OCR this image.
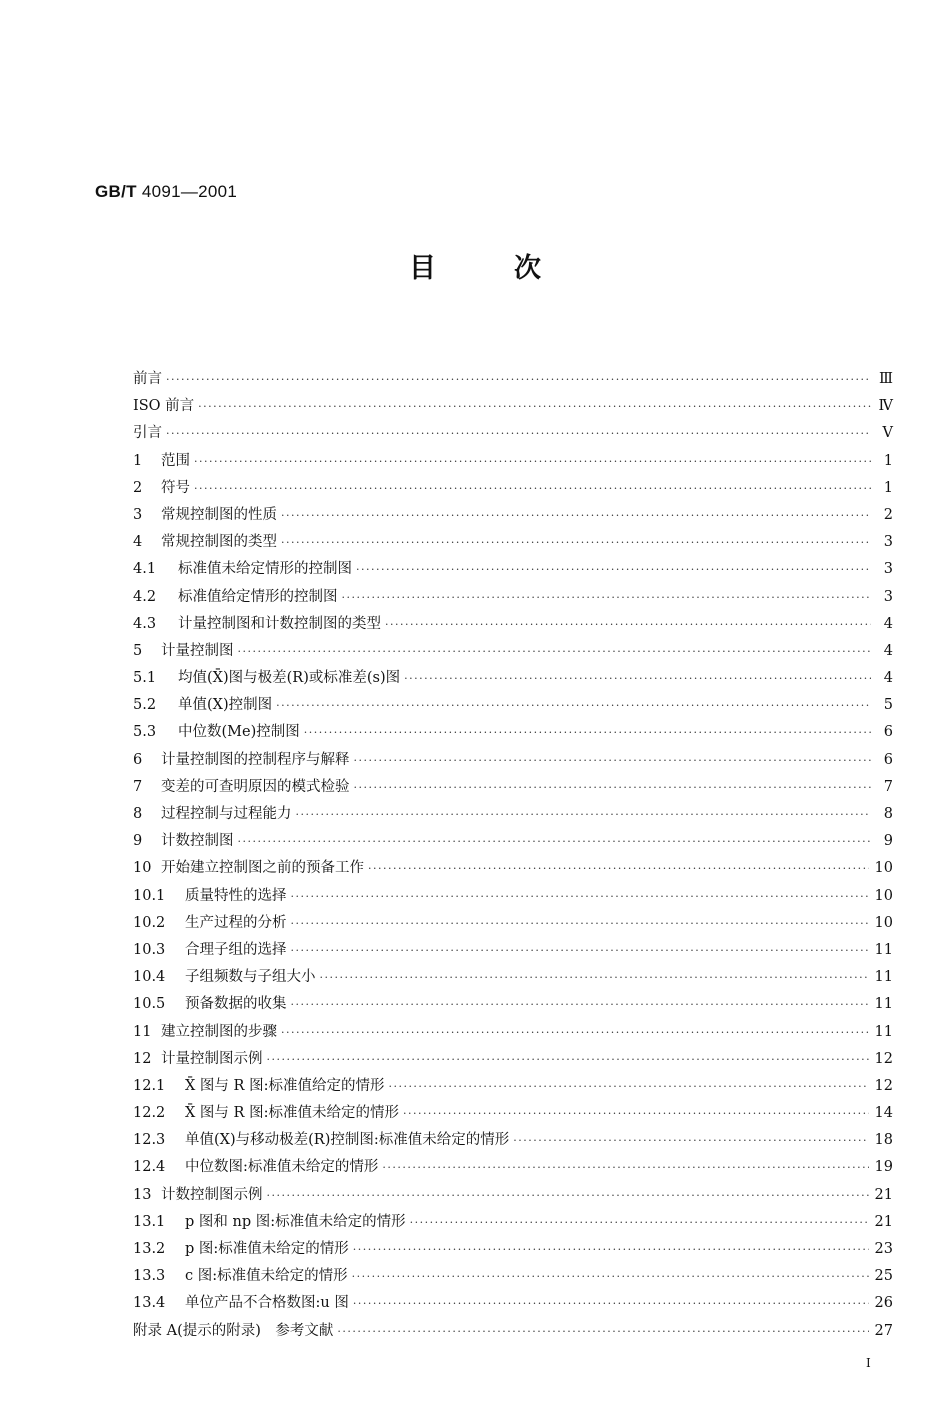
GB/T 4091—2001
目次
前言 ·····	Ⅲ
ISO 前言 ·····	Ⅳ
引言 ·····	Ⅴ
1	范围 ·····	1
2	符号 ·····	1
3	常规控制图的性质 ·····	2
4	常规控制图的类型 ·····	3
4.1	标准值未给定情形的控制图 ·····	3
4.2	标准值给定情形的控制图 ·····	3
4.3	计量控制图和计数控制图的类型 ·····	4
5	计量控制图 ·····	4
5.1	均值(X̄)图与极差(R)或标准差(s)图 ·····	4
5.2	单值(X)控制图 ·····	5
5.3	中位数(Me)控制图 ·····	6
6	计量控制图的控制程序与解释 ·····	6
7	变差的可查明原因的模式检验 ·····	7
8	过程控制与过程能力 ·····	8
9	计数控制图 ·····	9
10 开始建立控制图之前的预备工作 ·····	10
10.1	质量特性的选择 ·····	10
10.2	生产过程的分析 ·····	10
10.3	合理子组的选择 ·····	11
10.4	子组频数与子组大小 ·····	11
10.5	预备数据的收集 ·····	11
11 建立控制图的步骤 ·····	11
12 计量控制图示例 ·····	12
12.1	X̄ 图与 R 图:标准值给定的情形 ·····	12
12.2	X̄ 图与 R 图:标准值未给定的情形 ·····	14
12.3	单值(X)与移动极差(R)控制图:标准值未给定的情形 ·····	18
12.4	中位数图:标准值未给定的情形 ·····	19
13 计数控制图示例 ·····	21
13.1	p 图和 np 图:标准值未给定的情形 ·····	21
13.2	p 图:标准值未给定的情形 ·····	23
13.3	c 图:标准值未给定的情形 ·····	25
13.4	单位产品不合格数图:u 图 ·····	26
附录 A(提示的附录)　参考文献 ·····	27
Ⅰ
